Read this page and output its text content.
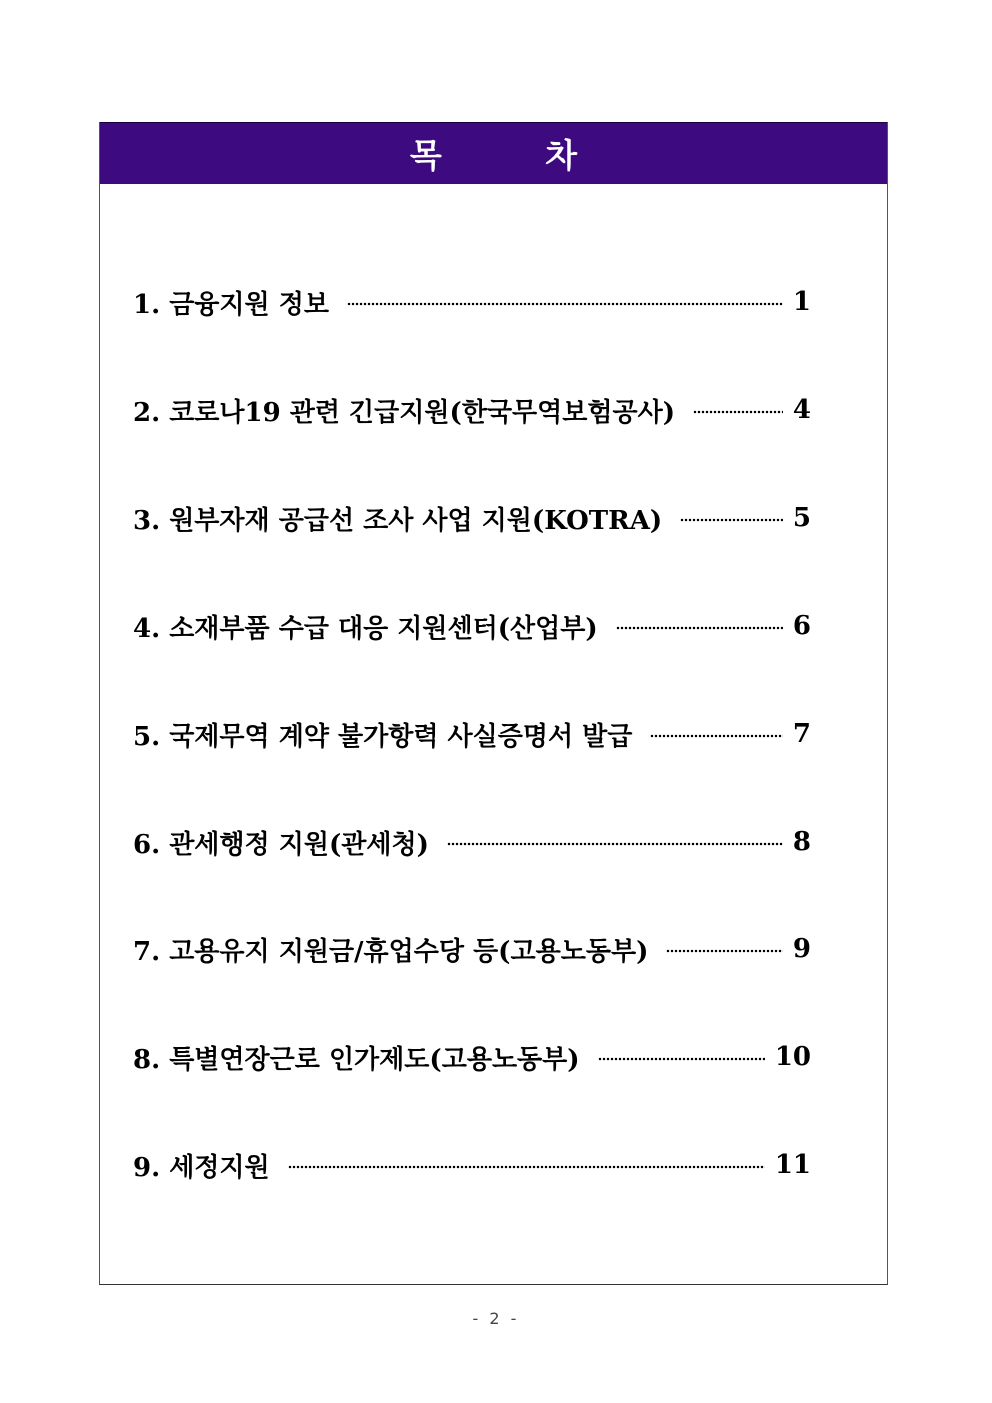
목 차
1. 금융지원 정보	1
2. 코로나19 관련 긴급지원(한국무역보험공사)	4
3. 원부자재 공급선 조사 사업 지원(KOTRA)	5
4. 소재부품 수급 대응 지원센터(산업부)	6
5. 국제무역 계약 불가항력 사실증명서 발급	7
6. 관세행정 지원(관세청)	8
7. 고용유지 지원금/휴업수당 등(고용노동부)	9
8. 특별연장근로 인가제도(고용노동부)	10
9. 세정지원	11
- 2 -
